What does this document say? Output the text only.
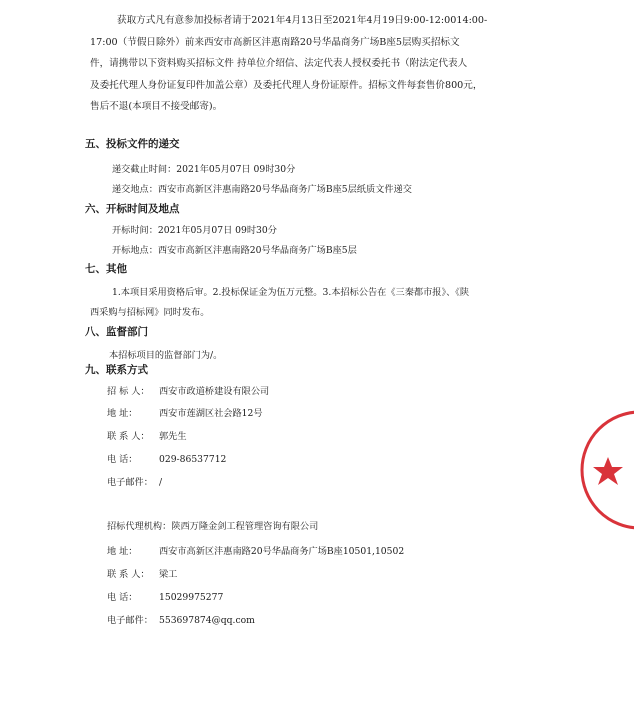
获取方式凡有意参加投标者请于2021年4月13日至2021年4月19日9:00-12:0014:00-
17:00（节假日除外）前来西安市高新区沣惠南路20号华晶商务广场B座5层购买招标文
件，请携带以下资料购买招标文件 持单位介绍信、法定代表人授权委托书（附法定代表人
及委托代理人身份证复印件加盖公章）及委托代理人身份证原件。招标文件每套售价800元，
售后不退(本项目不接受邮寄)。
五、投标文件的递交
递交截止时间：2021年05月07日 09时30分
递交地点：西安市高新区沣惠南路20号华晶商务广场B座5层纸质文件递交
六、开标时间及地点
开标时间：2021年05月07日 09时30分
开标地点：西安市高新区沣惠南路20号华晶商务广场B座5层
七、其他
1.本项目采用资格后审。2.投标保证金为伍万元整。3.本招标公告在《三秦都市报》、《陕
西采购与招标网》同时发布。
八、监督部门
本招标项目的监督部门为/。
九、联系方式
招 标 人： 西安市政道桥建设有限公司
地 址： 西安市莲湖区社会路12号
联 系 人： 郭先生
电 话： 029-86537712
电子邮件： /
招标代理机构：陕西万隆金剑工程管理咨询有限公司
地 址： 西安市高新区沣惠南路20号华晶商务广场B座10501,10502
联 系 人： 梁工
电 话： 15029975277
电子邮件： 553697874@qq.com
